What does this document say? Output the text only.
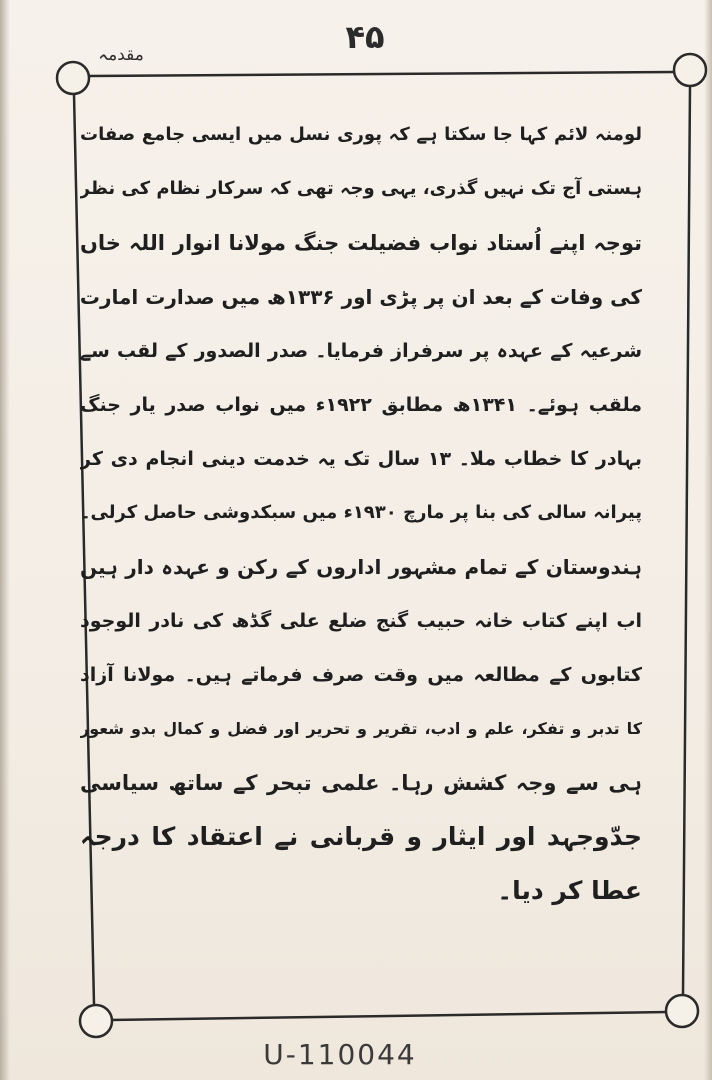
۴۵
مقدمہ
لومنہ لائم کہا جا سکتا ہے کہ پوری نسل میں ایسی جامع صفات
ہستی آج تک نہیں گذری، یہی وجہ تھی کہ سرکار نظام کی نظر
توجہ اپنے اُستاد نواب فضیلت جنگ مولانا انوار اللہ خاں
کی وفات کے بعد ان پر پڑی اور ۱۳۳۶ھ میں صدارت امارت
شرعیہ کے عہدہ پر سرفراز فرمایا۔ صدر الصدور کے لقب سے
ملقب ہوئے۔ ۱۳۴۱ھ مطابق ۱۹۲۲ء میں نواب صدر یار جنگ
بہادر کا خطاب ملا۔ ۱۳ سال تک یہ خدمت دینی انجام دی کر
پیرانہ سالی کی بنا پر مارچ ۱۹۳۰ء میں سبکدوشی حاصل کرلی۔
ہندوستان کے تمام مشہور اداروں کے رکن و عہدہ دار ہیں
اب اپنے کتاب خانہ حبیب گنج ضلع علی گڈھ کی نادر الوجود
کتابوں کے مطالعہ میں وقت صرف فرماتے ہیں۔ مولانا آزاد
کا تدبر و تفکر، علم و ادب، تقریر و تحریر اور فضل و کمال بدو شعور
ہی سے وجہ کشش رہا۔ علمی تبحر کے ساتھ سیاسی
جدّوجہد اور ایثار و قربانی نے اعتقاد کا درجہ
عطا کر دیا۔
U-110044
